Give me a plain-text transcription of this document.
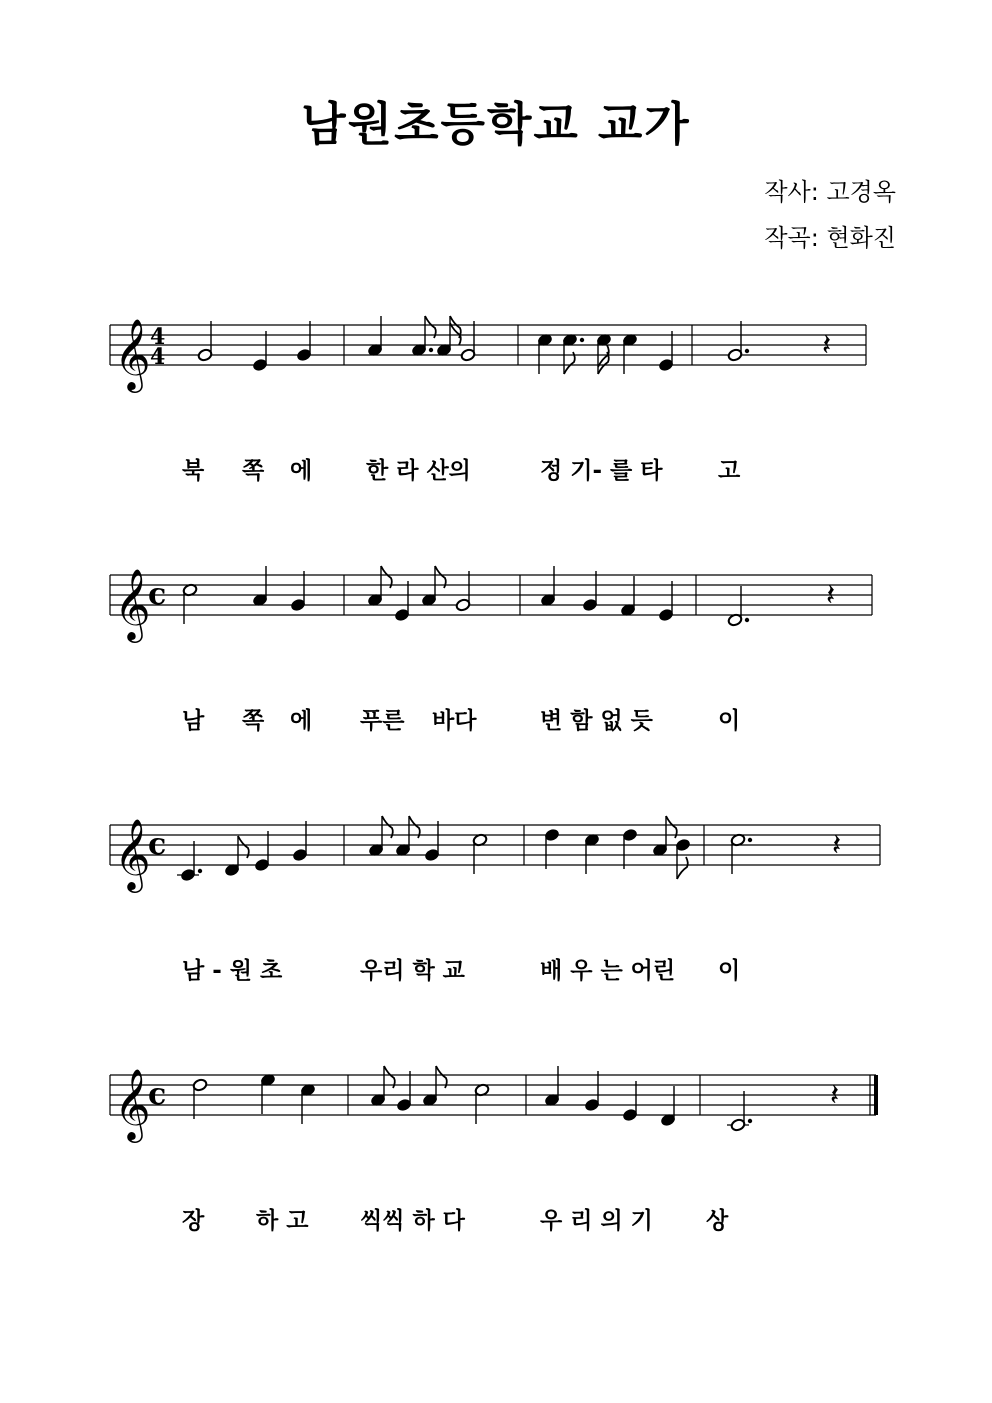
남원초등학교 교가
작사: 고경옥
작곡: 현화진
𝄞 4
4	𝄽
𝄞
c	𝄽
𝄞
c	𝄽
𝄞
c	𝄽
북 쪽 에 한 라 산의	정 기- 를 타 고
남 쪽 에 푸른 바다	변 함 없 듯	이
남 - 원 초	우리 학 교	배 우 는 어린 이
장 하 고 씩씩 하 다	우 리 의 기 상
